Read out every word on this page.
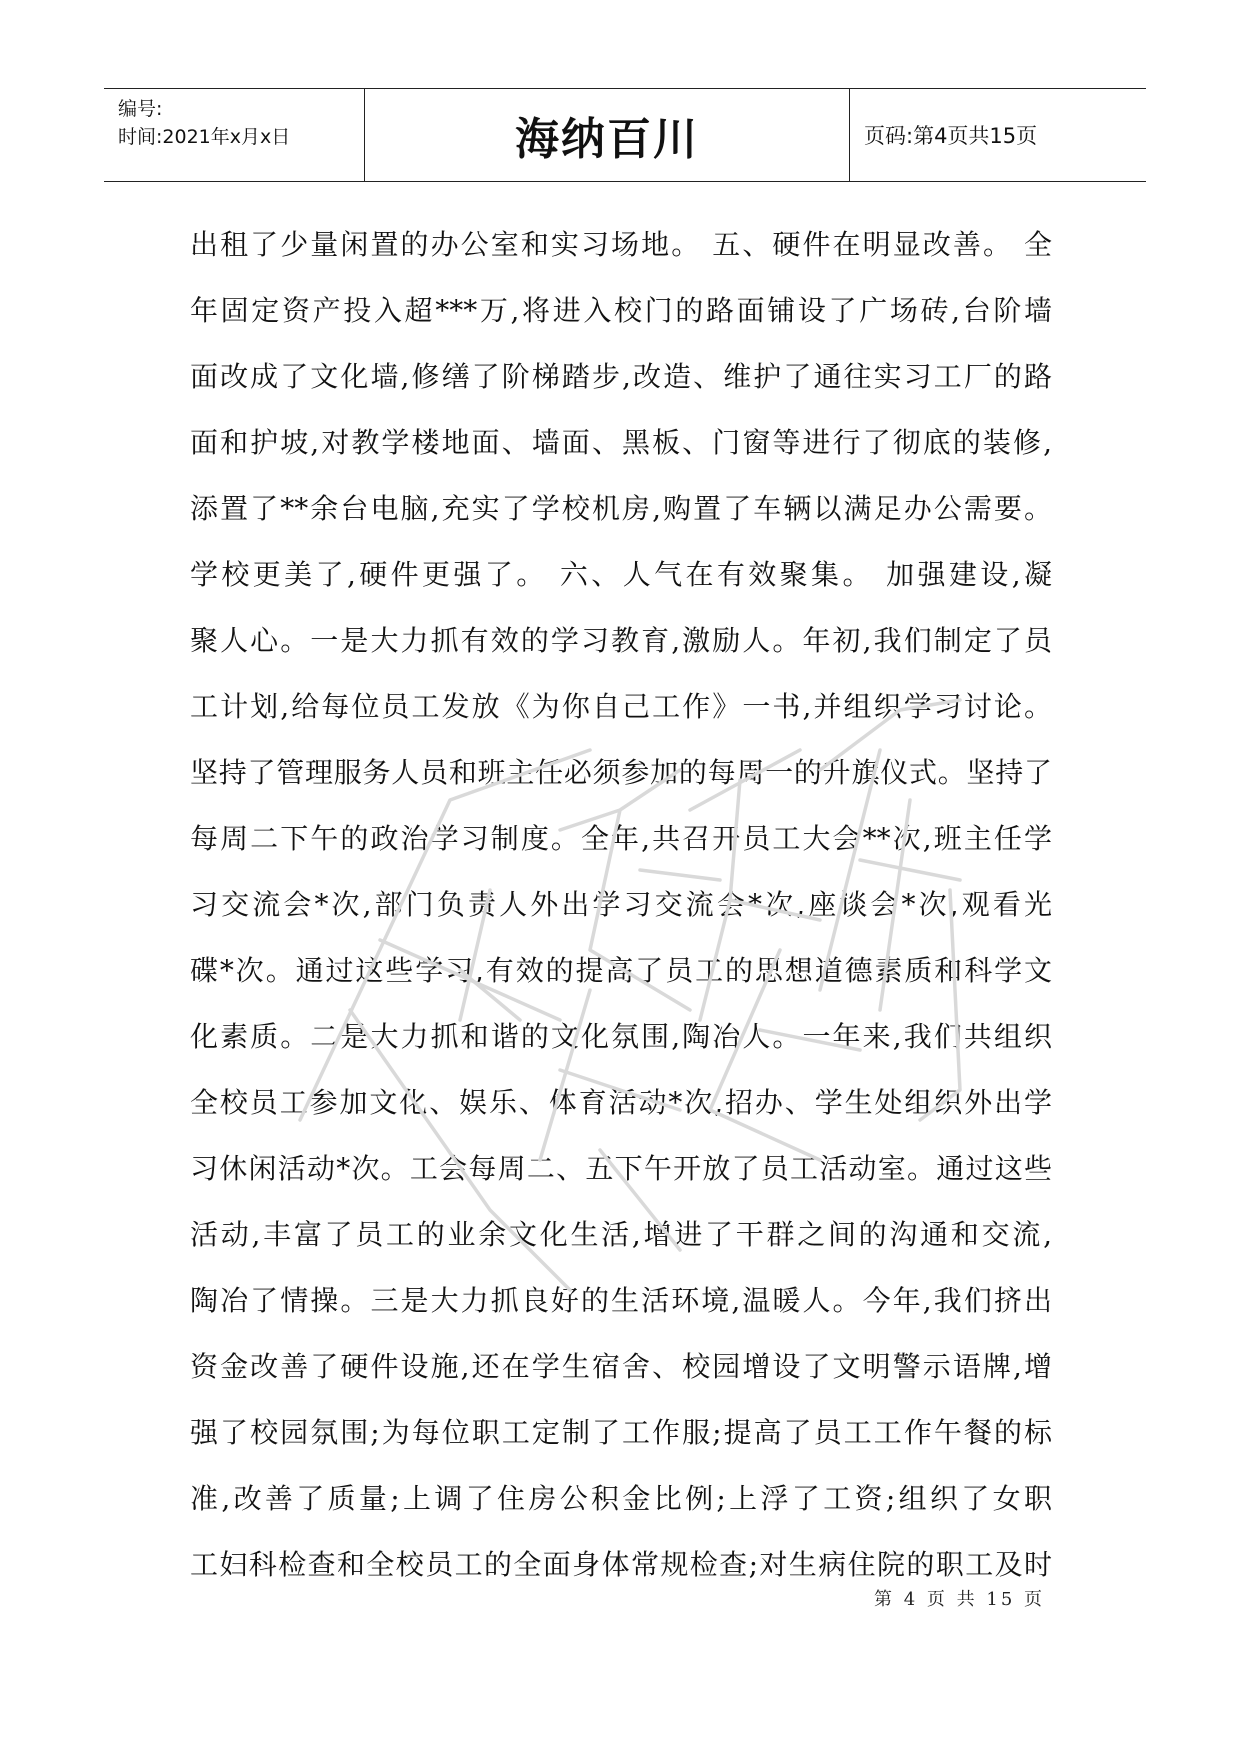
编号:
时间:2021年x月x日	海纳百川	页码:第4页共15页
出租了少量闲置的办公室和实习场地。 五、硬件在明显改善。 全
年固定资产投入超***万,将进入校门的路面铺设了广场砖,台阶墙
面改成了文化墙,修缮了阶梯踏步,改造、维护了通往实习工厂的路
面和护坡,对教学楼地面、墙面、黑板、门窗等进行了彻底的装修,
添置了**余台电脑,充实了学校机房,购置了车辆以满足办公需要。
学校更美了,硬件更强了。 六、人气在有效聚集。 加强建设,凝
聚人心。一是大力抓有效的学习教育,激励人。年初,我们制定了员
工计划,给每位员工发放《为你自己工作》一书,并组织学习讨论。
坚持了管理服务人员和班主任必须参加的每周一的升旗仪式。坚持了
每周二下午的政治学习制度。全年,共召开员工大会**次,班主任学
习交流会*次,部门负责人外出学习交流会*次,座谈会*次,观看光
碟*次。通过这些学习,有效的提高了员工的思想道德素质和科学文
化素质。二是大力抓和谐的文化氛围,陶冶人。一年来,我们共组织
全校员工参加文化、娱乐、体育活动*次,招办、学生处组织外出学
习休闲活动*次。工会每周二、五下午开放了员工活动室。通过这些
活动,丰富了员工的业余文化生活,增进了干群之间的沟通和交流,
陶冶了情操。三是大力抓良好的生活环境,温暖人。今年,我们挤出
资金改善了硬件设施,还在学生宿舍、校园增设了文明警示语牌,增
强了校园氛围;为每位职工定制了工作服;提高了员工工作午餐的标
准,改善了质量;上调了住房公积金比例;上浮了工资;组织了女职
工妇科检查和全校员工的全面身体常规检查;对生病住院的职工及时
第 4 页 共 15 页
